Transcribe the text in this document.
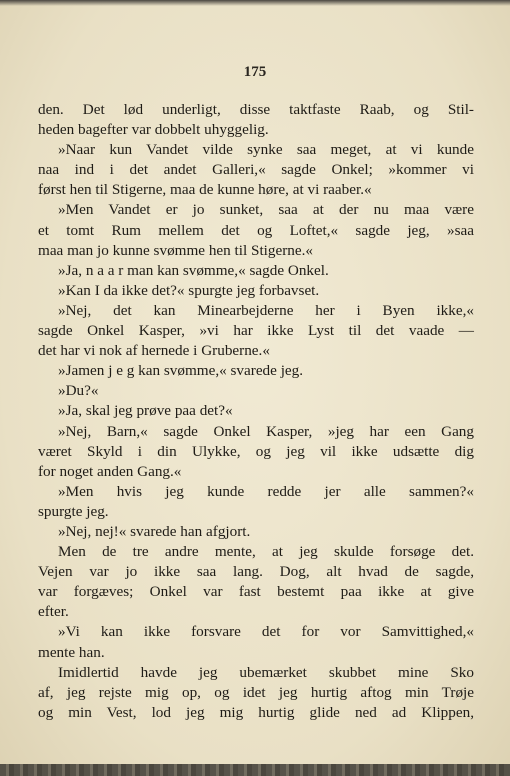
175
den. Det lød underligt, disse taktfaste Raab, og Stil-
heden bagefter var dobbelt uhyggelig.
»Naar kun Vandet vilde synke saa meget, at vi kunde
naa ind i det andet Galleri,« sagde Onkel; »kommer vi
først hen til Stigerne, maa de kunne høre, at vi raaber.«
»Men Vandet er jo sunket, saa at der nu maa være
et tomt Rum mellem det og Loftet,« sagde jeg, »saa
maa man jo kunne svømme hen til Stigerne.«
»Ja, n a a r man kan svømme,« sagde Onkel.
»Kan I da ikke det?« spurgte jeg forbavset.
»Nej, det kan Minearbejderne her i Byen ikke,«
sagde Onkel Kasper, »vi har ikke Lyst til det vaade —
det har vi nok af hernede i Gruberne.«
»Jamen j e g kan svømme,« svarede jeg.
»Du?«
»Ja, skal jeg prøve paa det?«
»Nej, Barn,« sagde Onkel Kasper, »jeg har een Gang
været Skyld i din Ulykke, og jeg vil ikke udsætte dig
for noget anden Gang.«
»Men hvis jeg kunde redde jer alle sammen?«
spurgte jeg.
»Nej, nej!« svarede han afgjort.
Men de tre andre mente, at jeg skulde forsøge det.
Vejen var jo ikke saa lang. Dog, alt hvad de sagde,
var forgæves; Onkel var fast bestemt paa ikke at give
efter.
»Vi kan ikke forsvare det for vor Samvittighed,«
mente han.
Imidlertid havde jeg ubemærket skubbet mine Sko
af, jeg rejste mig op, og idet jeg hurtig aftog min Trøje
og min Vest, lod jeg mig hurtig glide ned ad Klippen,
